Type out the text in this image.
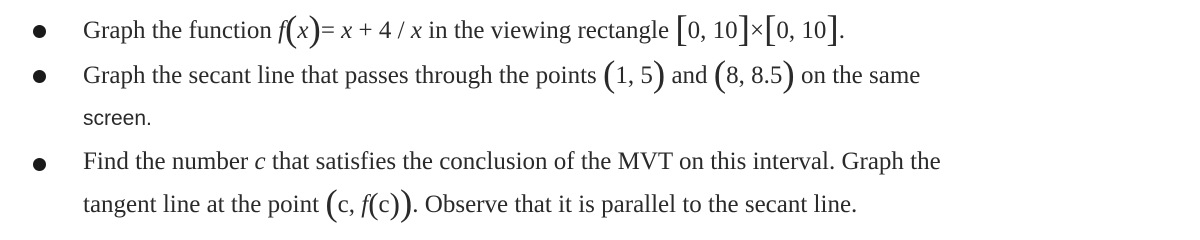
Graph the function f(x)= x + 4 / x in the viewing rectangle [0, 10]×[0, 10].
Graph the secant line that passes through the points (1, 5) and (8, 8.5) on the same
screen.
Find the number c that satisfies the conclusion of the MVT on this interval. Graph the
tangent line at the point (c, f(c)). Observe that it is parallel to the secant line.
